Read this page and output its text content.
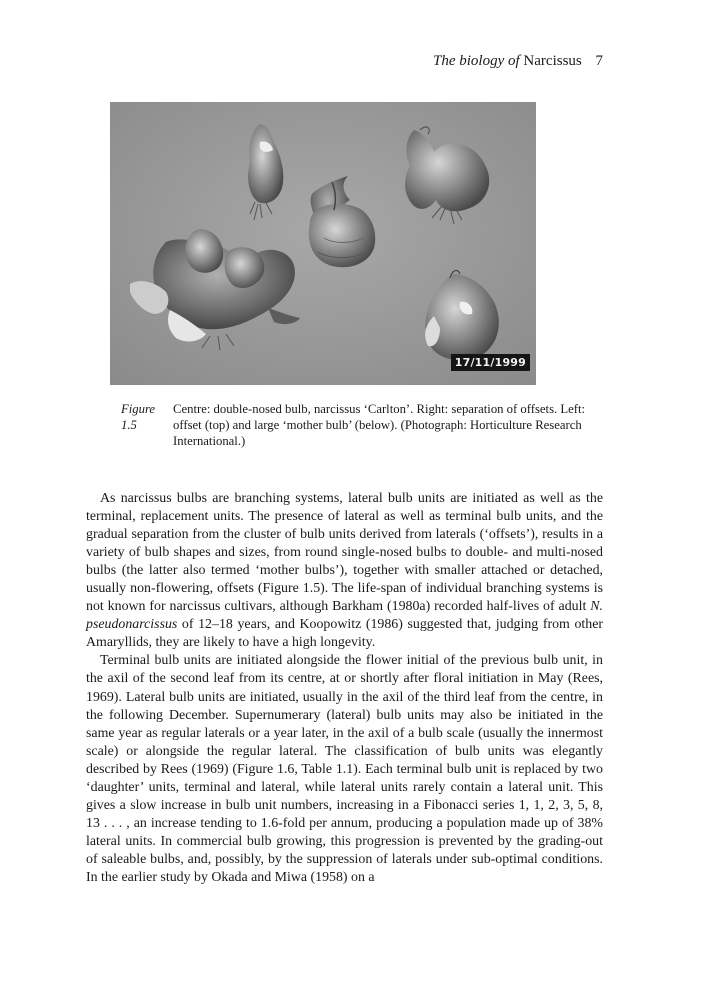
The biology of Narcissus 7
17/11/1999
Figure 1.5
Centre: double-nosed bulb, narcissus ‘Carlton’. Right: separation of offsets. Left: offset (top) and large ‘mother bulb’ (below). (Photograph: Horticulture Research International.)

As narcissus bulbs are branching systems, lateral bulb units are initiated as well as the terminal, replacement units. The presence of lateral as well as terminal bulb units, and the gradual separation from the cluster of bulb units derived from laterals (‘offsets’), results in a variety of bulb shapes and sizes, from round single-nosed bulbs to double- and multi-nosed bulbs (the latter also termed ‘mother bulbs’), together with smaller attached or detached, usually non-flowering, offsets (Figure 1.5). The life-span of individual branching systems is not known for narcissus cultivars, although Barkham (1980a) recorded half-lives of adult N. pseudonarcissus of 12–18 years, and Koopowitz (1986) suggested that, judging from other Amaryllids, they are likely to have a high longevity.

Terminal bulb units are initiated alongside the flower initial of the previous bulb unit, in the axil of the second leaf from its centre, at or shortly after floral initiation in May (Rees, 1969). Lateral bulb units are initiated, usually in the axil of the third leaf from the centre, in the following December. Supernumerary (lateral) bulb units may also be initiated in the same year as regular laterals or a year later, in the axil of a bulb scale (usually the innermost scale) or alongside the regular lateral. The classification of bulb units was elegantly described by Rees (1969) (Figure 1.6, Table 1.1). Each terminal bulb unit is replaced by two ‘daughter’ units, terminal and lateral, while lateral units rarely contain a lateral unit. This gives a slow increase in bulb unit numbers, increasing in a Fibonacci series 1, 1, 2, 3, 5, 8, 13 . . . , an increase tending to 1.6-fold per annum, producing a population made up of 38% lateral units. In commercial bulb growing, this progression is prevented by the grading-out of saleable bulbs, and, possibly, by the suppression of laterals under sub-optimal conditions. In the earlier study by Okada and Miwa (1958) on a
